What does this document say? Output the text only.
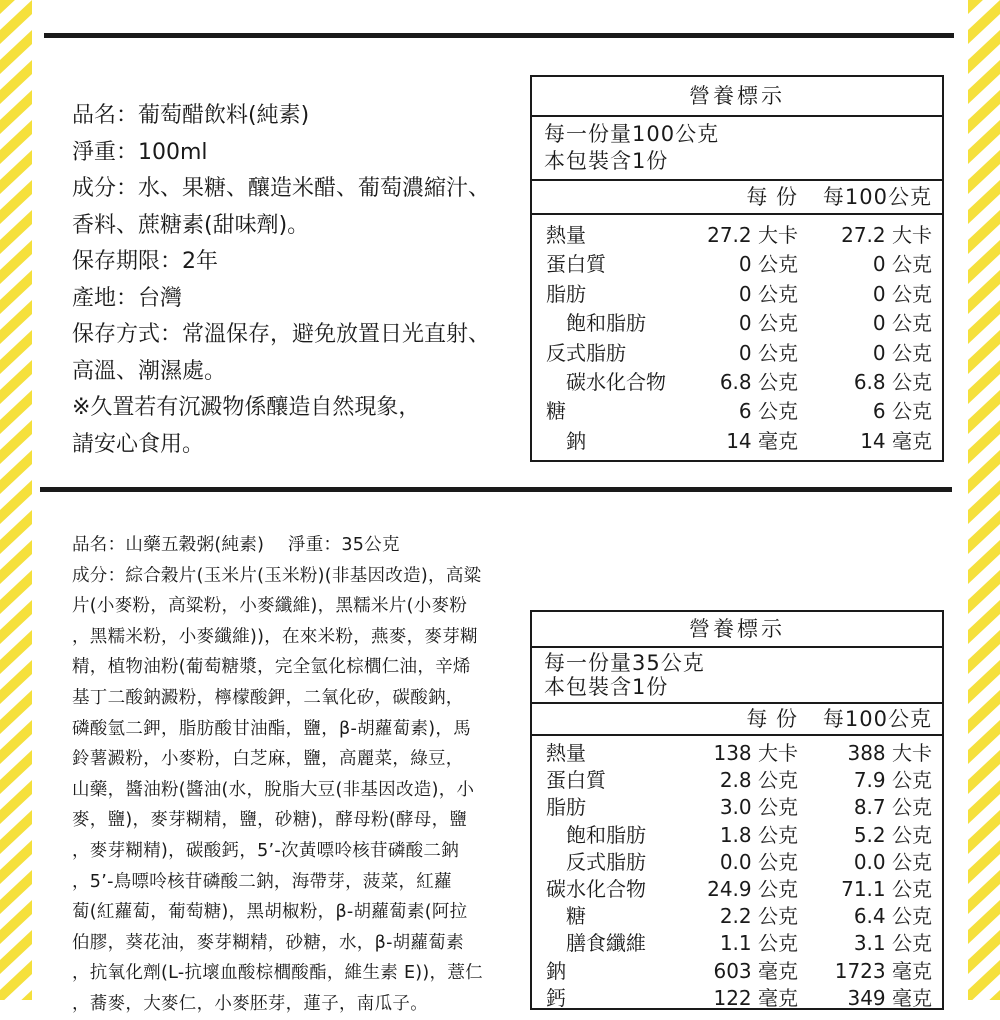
品名：葡萄醋飲料(純素)
淨重：100ml
成分：水、果糖、釀造米醋、葡萄濃縮汁、
香料、蔗糖素(甜味劑)。
保存期限：2年
產地：台灣
保存方式：常溫保存，避免放置日光直射、
高溫、潮濕處。
※久置若有沉澱物係釀造自然現象，
請安心食用。
營養標示
每一份量100公克
本包裝含1份
每 份	每100公克
熱量	27.2 大卡	27.2 大卡
蛋白質	0 公克	0 公克
脂肪	0 公克	0 公克
飽和脂肪	0 公克	0 公克
反式脂肪	0 公克	0 公克
碳水化合物	6.8 公克	6.8 公克
糖	6 公克	6 公克
鈉	14 毫克	14 毫克
品名：山藥五穀粥(純素)　 淨重：35公克
成分：綜合穀片(玉米片(玉米粉)(非基因改造)，高粱
片(小麥粉，高粱粉，小麥纖維)，黑糯米片(小麥粉
，黑糯米粉，小麥纖維))，在來米粉，燕麥，麥芽糊
精，植物油粉(葡萄糖漿，完全氫化棕櫚仁油，辛烯
基丁二酸鈉澱粉，檸檬酸鉀，二氧化矽，碳酸鈉，
磷酸氫二鉀，脂肪酸甘油酯，鹽，β-胡蘿蔔素)，馬
鈴薯澱粉，小麥粉，白芝麻，鹽，高麗菜，綠豆，
山藥，醬油粉(醬油(水，脫脂大豆(非基因改造)，小
麥，鹽)，麥芽糊精，鹽，砂糖)，酵母粉(酵母，鹽
，麥芽糊精)，碳酸鈣，5’-次黃嘌呤核苷磷酸二鈉
，5’-鳥嘌呤核苷磷酸二鈉，海帶芽，菠菜，紅蘿
蔔(紅蘿蔔，葡萄糖)，黑胡椒粉，β-胡蘿蔔素(阿拉
伯膠，葵花油，麥芽糊精，砂糖，水，β-胡蘿蔔素
，抗氧化劑(L-抗壞血酸棕櫚酸酯，維生素 E))，薏仁
，蕎麥，大麥仁，小麥胚芽，蓮子，南瓜子。
營養標示
每一份量35公克
本包裝含1份
每 份	每100公克
熱量	138 大卡	388 大卡
蛋白質	2.8 公克	7.9 公克
脂肪	3.0 公克	8.7 公克
飽和脂肪	1.8 公克	5.2 公克
反式脂肪	0.0 公克	0.0 公克
碳水化合物	24.9 公克	71.1 公克
糖	2.2 公克	6.4 公克
膳食纖維	1.1 公克	3.1 公克
鈉	603 毫克	1723 毫克
鈣	122 毫克	349 毫克
